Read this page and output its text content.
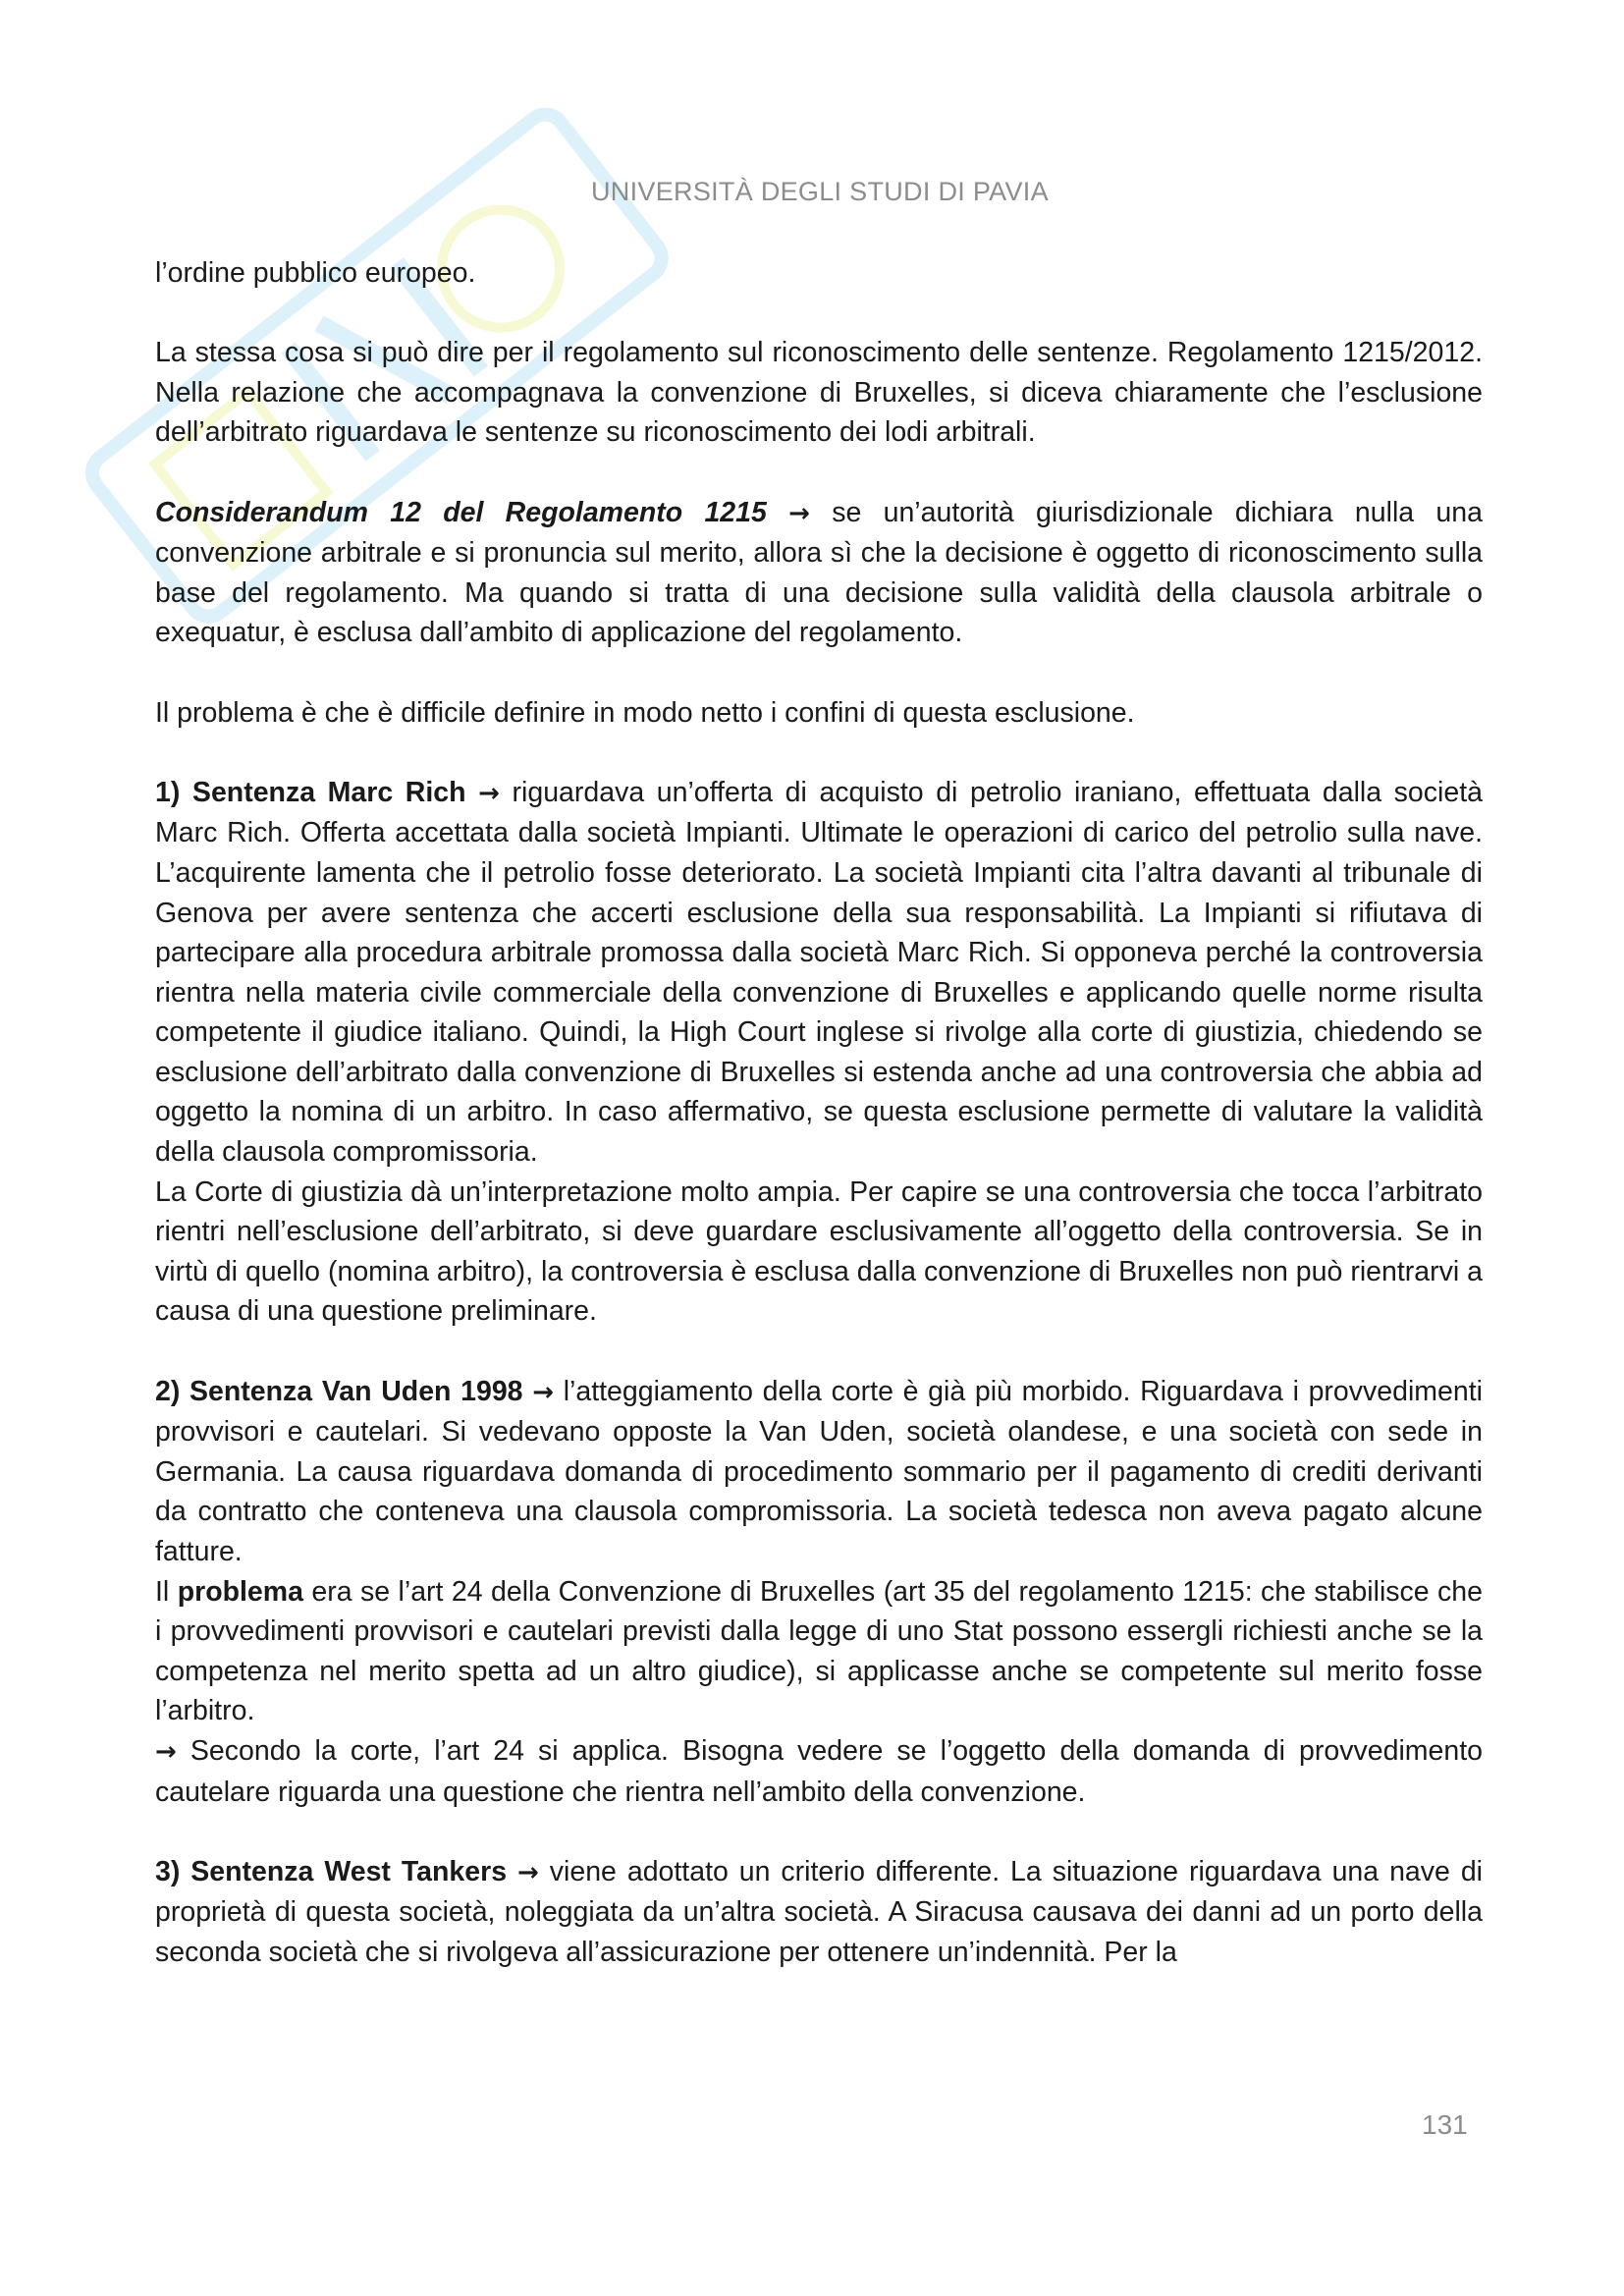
UNIVERSITÀ DEGLI STUDI DI PAVIA

l’ordine pubblico europeo.

La stessa cosa si può dire per il regolamento sul riconoscimento delle sentenze. Regolamento 1215/2012. Nella relazione che accompagnava la convenzione di Bruxelles, si diceva chiaramente che l’esclusione dell’arbitrato riguardava le sentenze su riconoscimento dei lodi arbitrali.

Considerandum 12 del Regolamento 1215 → se un’autorità giurisdizionale dichiara nulla una convenzione arbitrale e si pronuncia sul merito, allora sì che la decisione è oggetto di riconoscimento sulla base del regolamento. Ma quando si tratta di una decisione sulla validità della clausola arbitrale o exequatur, è esclusa dall’ambito di applicazione del regolamento.

Il problema è che è difficile definire in modo netto i confini di questa esclusione.

1) Sentenza Marc Rich → riguardava un’offerta di acquisto di petrolio iraniano, effettuata dalla società Marc Rich. Offerta accettata dalla società Impianti. Ultimate le operazioni di carico del petrolio sulla nave. L’acquirente lamenta che il petrolio fosse deteriorato. La società Impianti cita l’altra davanti al tribunale di Genova per avere sentenza che accerti esclusione della sua responsabilità. La Impianti si rifiutava di partecipare alla procedura arbitrale promossa dalla società Marc Rich. Si opponeva perché la controversia rientra nella materia civile commerciale della convenzione di Bruxelles e applicando quelle norme risulta competente il giudice italiano. Quindi, la High Court inglese si rivolge alla corte di giustizia, chiedendo se esclusione dell’arbitrato dalla convenzione di Bruxelles si estenda anche ad una controversia che abbia ad oggetto la nomina di un arbitro. In caso affermativo, se questa esclusione permette di valutare la validità della clausola compromissoria.

La Corte di giustizia dà un’interpretazione molto ampia. Per capire se una controversia che tocca l’arbitrato rientri nell’esclusione dell’arbitrato, si deve guardare esclusivamente all’oggetto della controversia. Se in virtù di quello (nomina arbitro), la controversia è esclusa dalla convenzione di Bruxelles non può rientrarvi a causa di una questione preliminare.

2) Sentenza Van Uden 1998 → l’atteggiamento della corte è già più morbido. Riguardava i provvedimenti provvisori e cautelari. Si vedevano opposte la Van Uden, società olandese, e una società con sede in Germania. La causa riguardava domanda di procedimento sommario per il pagamento di crediti derivanti da contratto che conteneva una clausola compromissoria. La società tedesca non aveva pagato alcune fatture.

Il problema era se l’art 24 della Convenzione di Bruxelles (art 35 del regolamento 1215: che stabilisce che i provvedimenti provvisori e cautelari previsti dalla legge di uno Stat possono essergli richiesti anche se la competenza nel merito spetta ad un altro giudice), si applicasse anche se competente sul merito fosse l’arbitro.

→ Secondo la corte, l’art 24 si applica. Bisogna vedere se l’oggetto della domanda di provvedimento cautelare riguarda una questione che rientra nell’ambito della convenzione.

3) Sentenza West Tankers → viene adottato un criterio differente. La situazione riguardava una nave di proprietà di questa società, noleggiata da un’altra società. A Siracusa causava dei danni ad un porto della seconda società che si rivolgeva all’assicurazione per ottenere un’indennità. Per la

131
